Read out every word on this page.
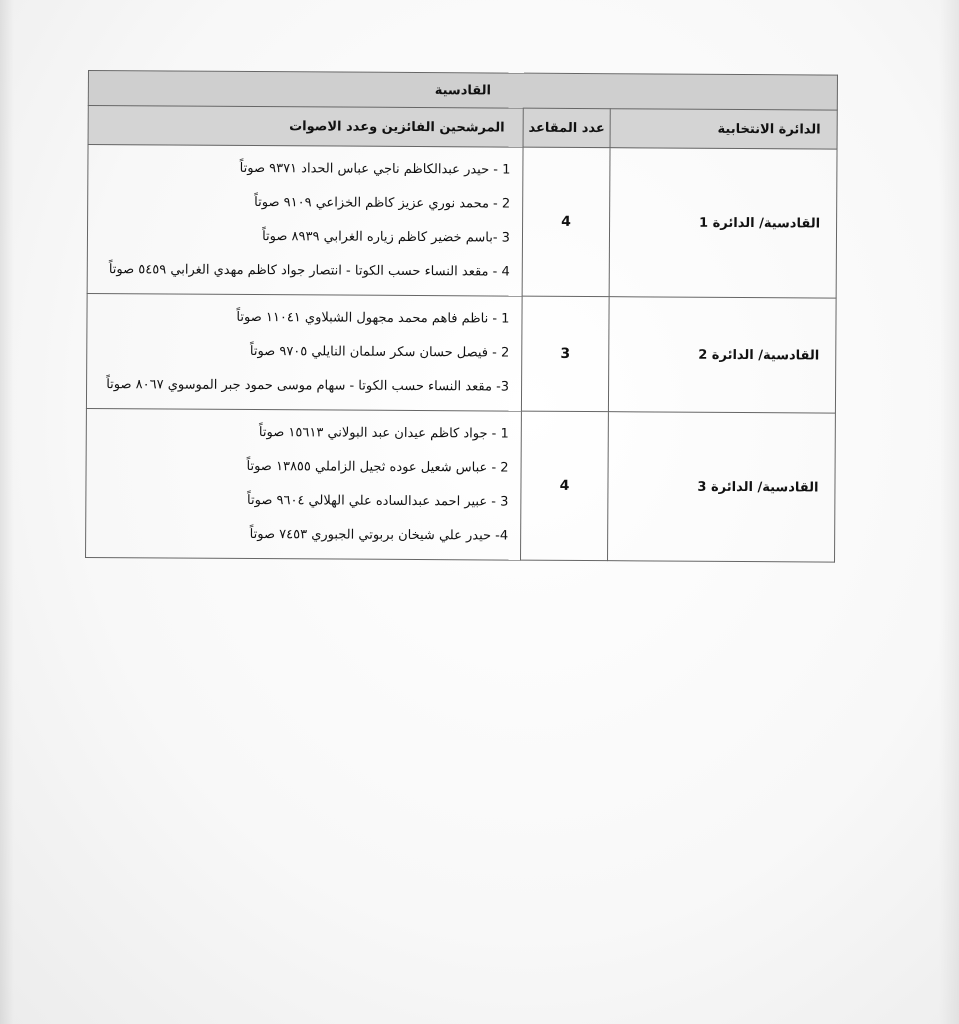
القادسية		
الدائرة الانتخابية	عدد المقاعد	المرشحين الفائزين وعدد الاصوات
القادسية/ الدائرة 1	4	1 - حيدر عبدالكاظم ناجي عباس الحداد ٩٣٧١ صوتاً
2 - محمد نوري عزيز كاظم الخزاعي ٩١٠٩ صوتاً
3 -باسم خضير كاظم زياره الغرابي ٨٩٣٩ صوتاً
4 - مقعد النساء حسب الكوتا - انتصار جواد كاظم مهدي الغرابي ٥٤٥٩ صوتاً

القادسية/ الدائرة 2	3	1 - ناظم فاهم محمد مجهول الشبلاوي ١١٠٤١ صوتاً
2 - فيصل حسان سكر سلمان النايلي ٩٧٠٥ صوتاً
3- مقعد النساء حسب الكوتا - سهام موسى حمود جبر الموسوي ٨٠٦٧ صوتاً

القادسية/ الدائرة 3	4	1 - جواد كاظم عيدان عبد البولاني ١٥٦١٣ صوتاً
2 - عباس شعيل عوده ثجيل الزاملي ١٣٨٥٥ صوتاً
3 - عبير احمد عبدالساده علي الهلالي ٩٦٠٤ صوتاً
4- حيدر علي شيخان بربوتي الجبوري ٧٤٥٣ صوتاً
